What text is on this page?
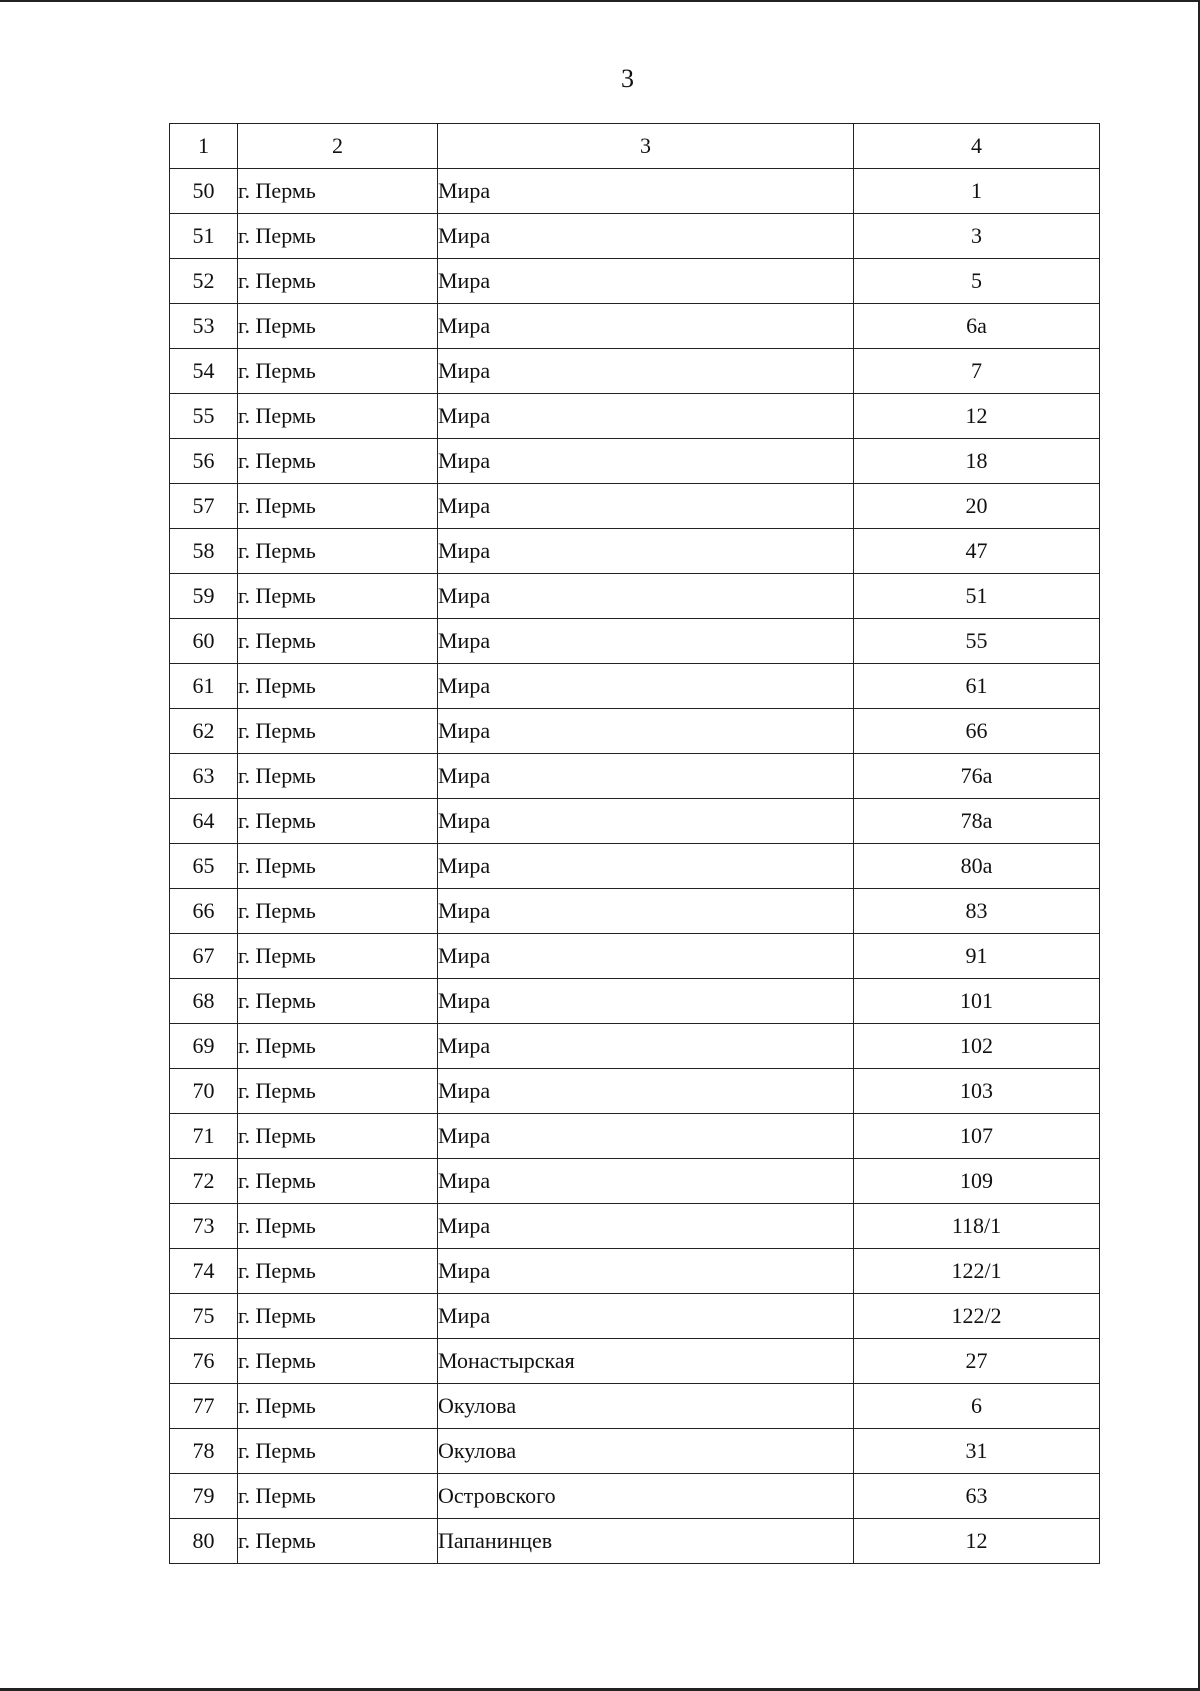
3
1	2	3	4
50	г. Пермь	Мира	1
51	г. Пермь	Мира	3
52	г. Пермь	Мира	5
53	г. Пермь	Мира	6а
54	г. Пермь	Мира	7
55	г. Пермь	Мира	12
56	г. Пермь	Мира	18
57	г. Пермь	Мира	20
58	г. Пермь	Мира	47
59	г. Пермь	Мира	51
60	г. Пермь	Мира	55
61	г. Пермь	Мира	61
62	г. Пермь	Мира	66
63	г. Пермь	Мира	76а
64	г. Пермь	Мира	78а
65	г. Пермь	Мира	80а
66	г. Пермь	Мира	83
67	г. Пермь	Мира	91
68	г. Пермь	Мира	101
69	г. Пермь	Мира	102
70	г. Пермь	Мира	103
71	г. Пермь	Мира	107
72	г. Пермь	Мира	109
73	г. Пермь	Мира	118/1
74	г. Пермь	Мира	122/1
75	г. Пермь	Мира	122/2
76	г. Пермь	Монастырская	27
77	г. Пермь	Окулова	6
78	г. Пермь	Окулова	31
79	г. Пермь	Островского	63
80	г. Пермь	Папанинцев	12
